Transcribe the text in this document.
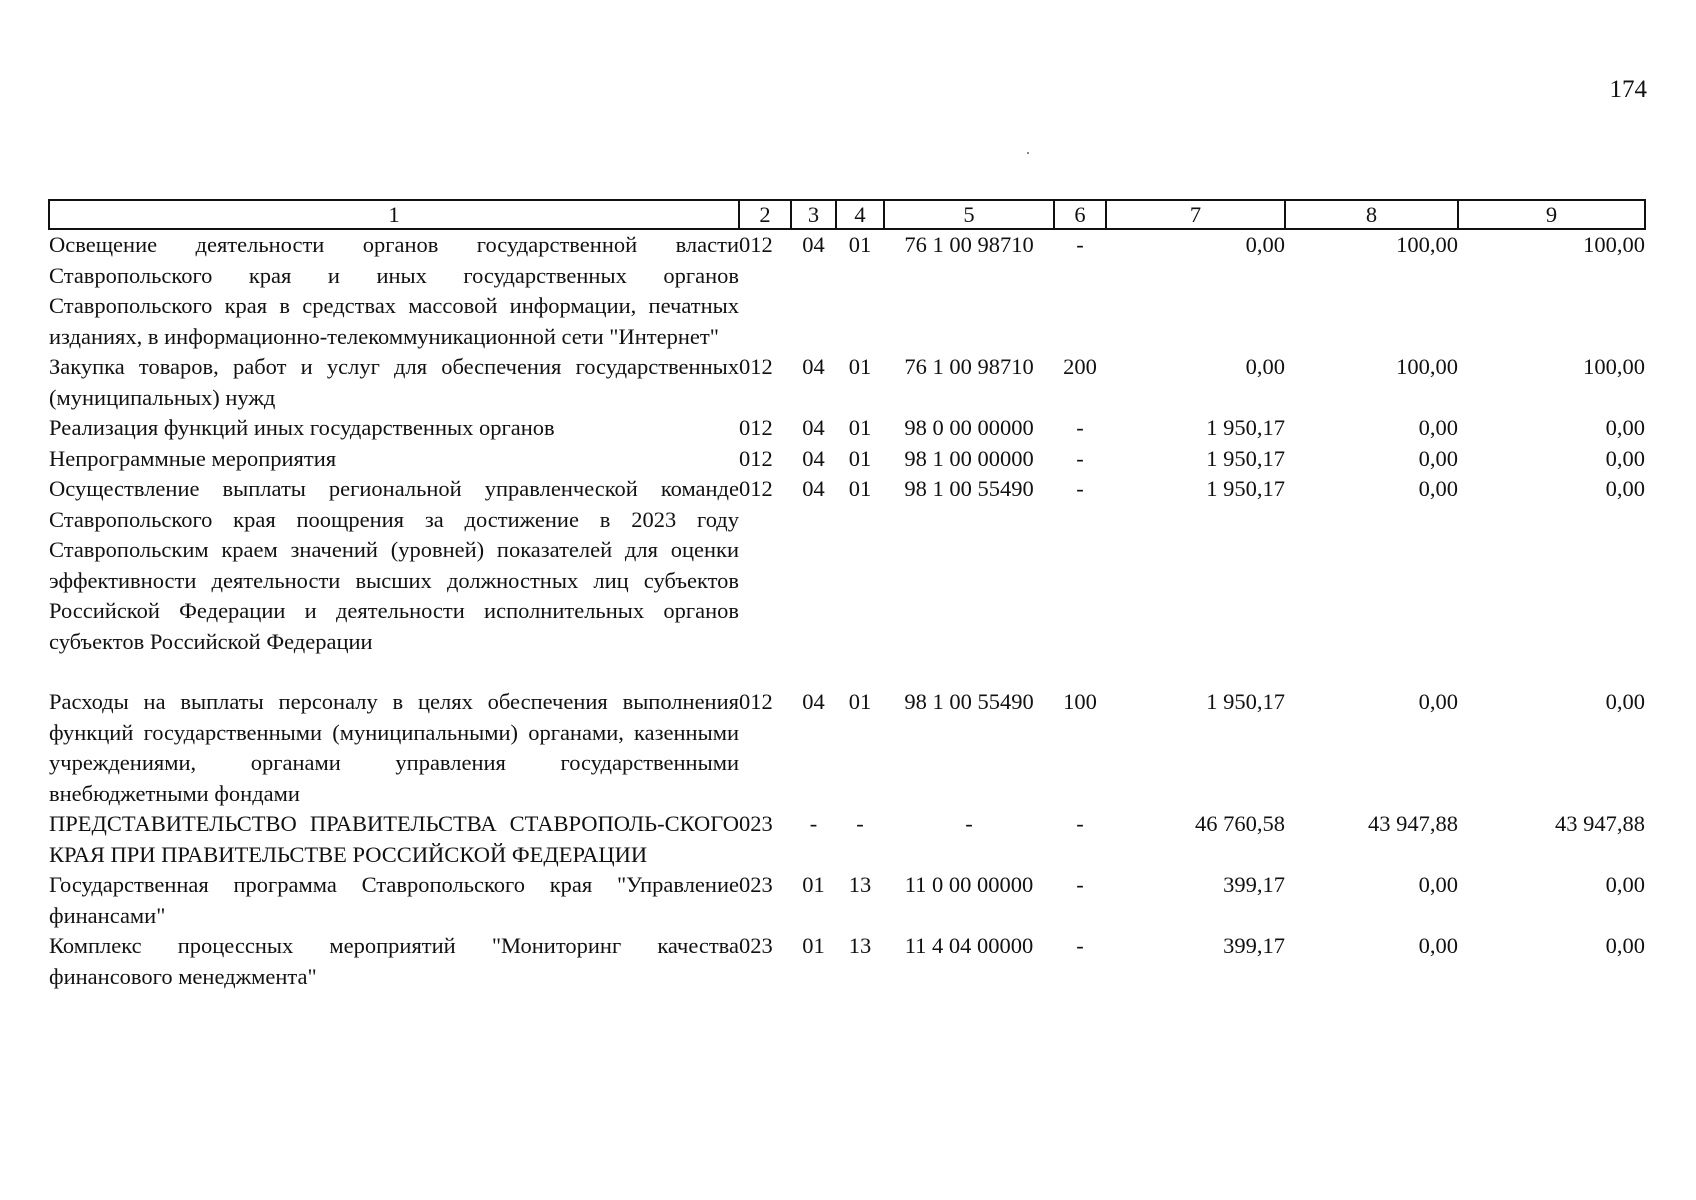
174
1	2	3	4	5	6	7	8	9
Освещение деятельности органов государственной власти Ставропольского края и иных государственных органов Ставропольского края в средствах массовой информации, печатных изданиях, в информационно-телекоммуникационной сети "Интернет"	012	04	01	76 1 00 98710	-	0,00	100,00	100,00
Закупка товаров, работ и услуг для обеспечения государственных (муниципальных) нужд	012	04	01	76 1 00 98710	200	0,00	100,00	100,00
Реализация функций иных государственных органов	012	04	01	98 0 00 00000	-	1 950,17	0,00	0,00
Непрограммные мероприятия	012	04	01	98 1 00 00000	-	1 950,17	0,00	0,00
Осуществление выплаты региональной управленческой команде Ставропольского края поощрения за достижение в 2023 году Ставропольским краем значений (уровней) показателей для оценки эффективности деятельности высших должностных лиц субъектов Российской Федерации и деятельности исполнительных органов субъектов Российской Федерации	012	04	01	98 1 00 55490	-	1 950,17	0,00	0,00

Расходы на выплаты персоналу в целях обеспечения выполнения функций государственными (муниципальными) органами, казенными учреждениями, органами управления государственными внебюджетными фондами	012	04	01	98 1 00 55490	100	1 950,17	0,00	0,00
ПРЕДСТАВИТЕЛЬСТВО ПРАВИТЕЛЬСТВА СТАВРОПОЛЬ-СКОГО КРАЯ ПРИ ПРАВИТЕЛЬСТВЕ РОССИЙСКОЙ ФЕДЕРАЦИИ	023	-	-	-	-	46 760,58	43 947,88	43 947,88
Государственная программа Ставропольского края "Управление финансами"	023	01	13	11 0 00 00000	-	399,17	0,00	0,00
Комплекс процессных мероприятий "Мониторинг качества финансового менеджмента"	023	01	13	11 4 04 00000	-	399,17	0,00	0,00
